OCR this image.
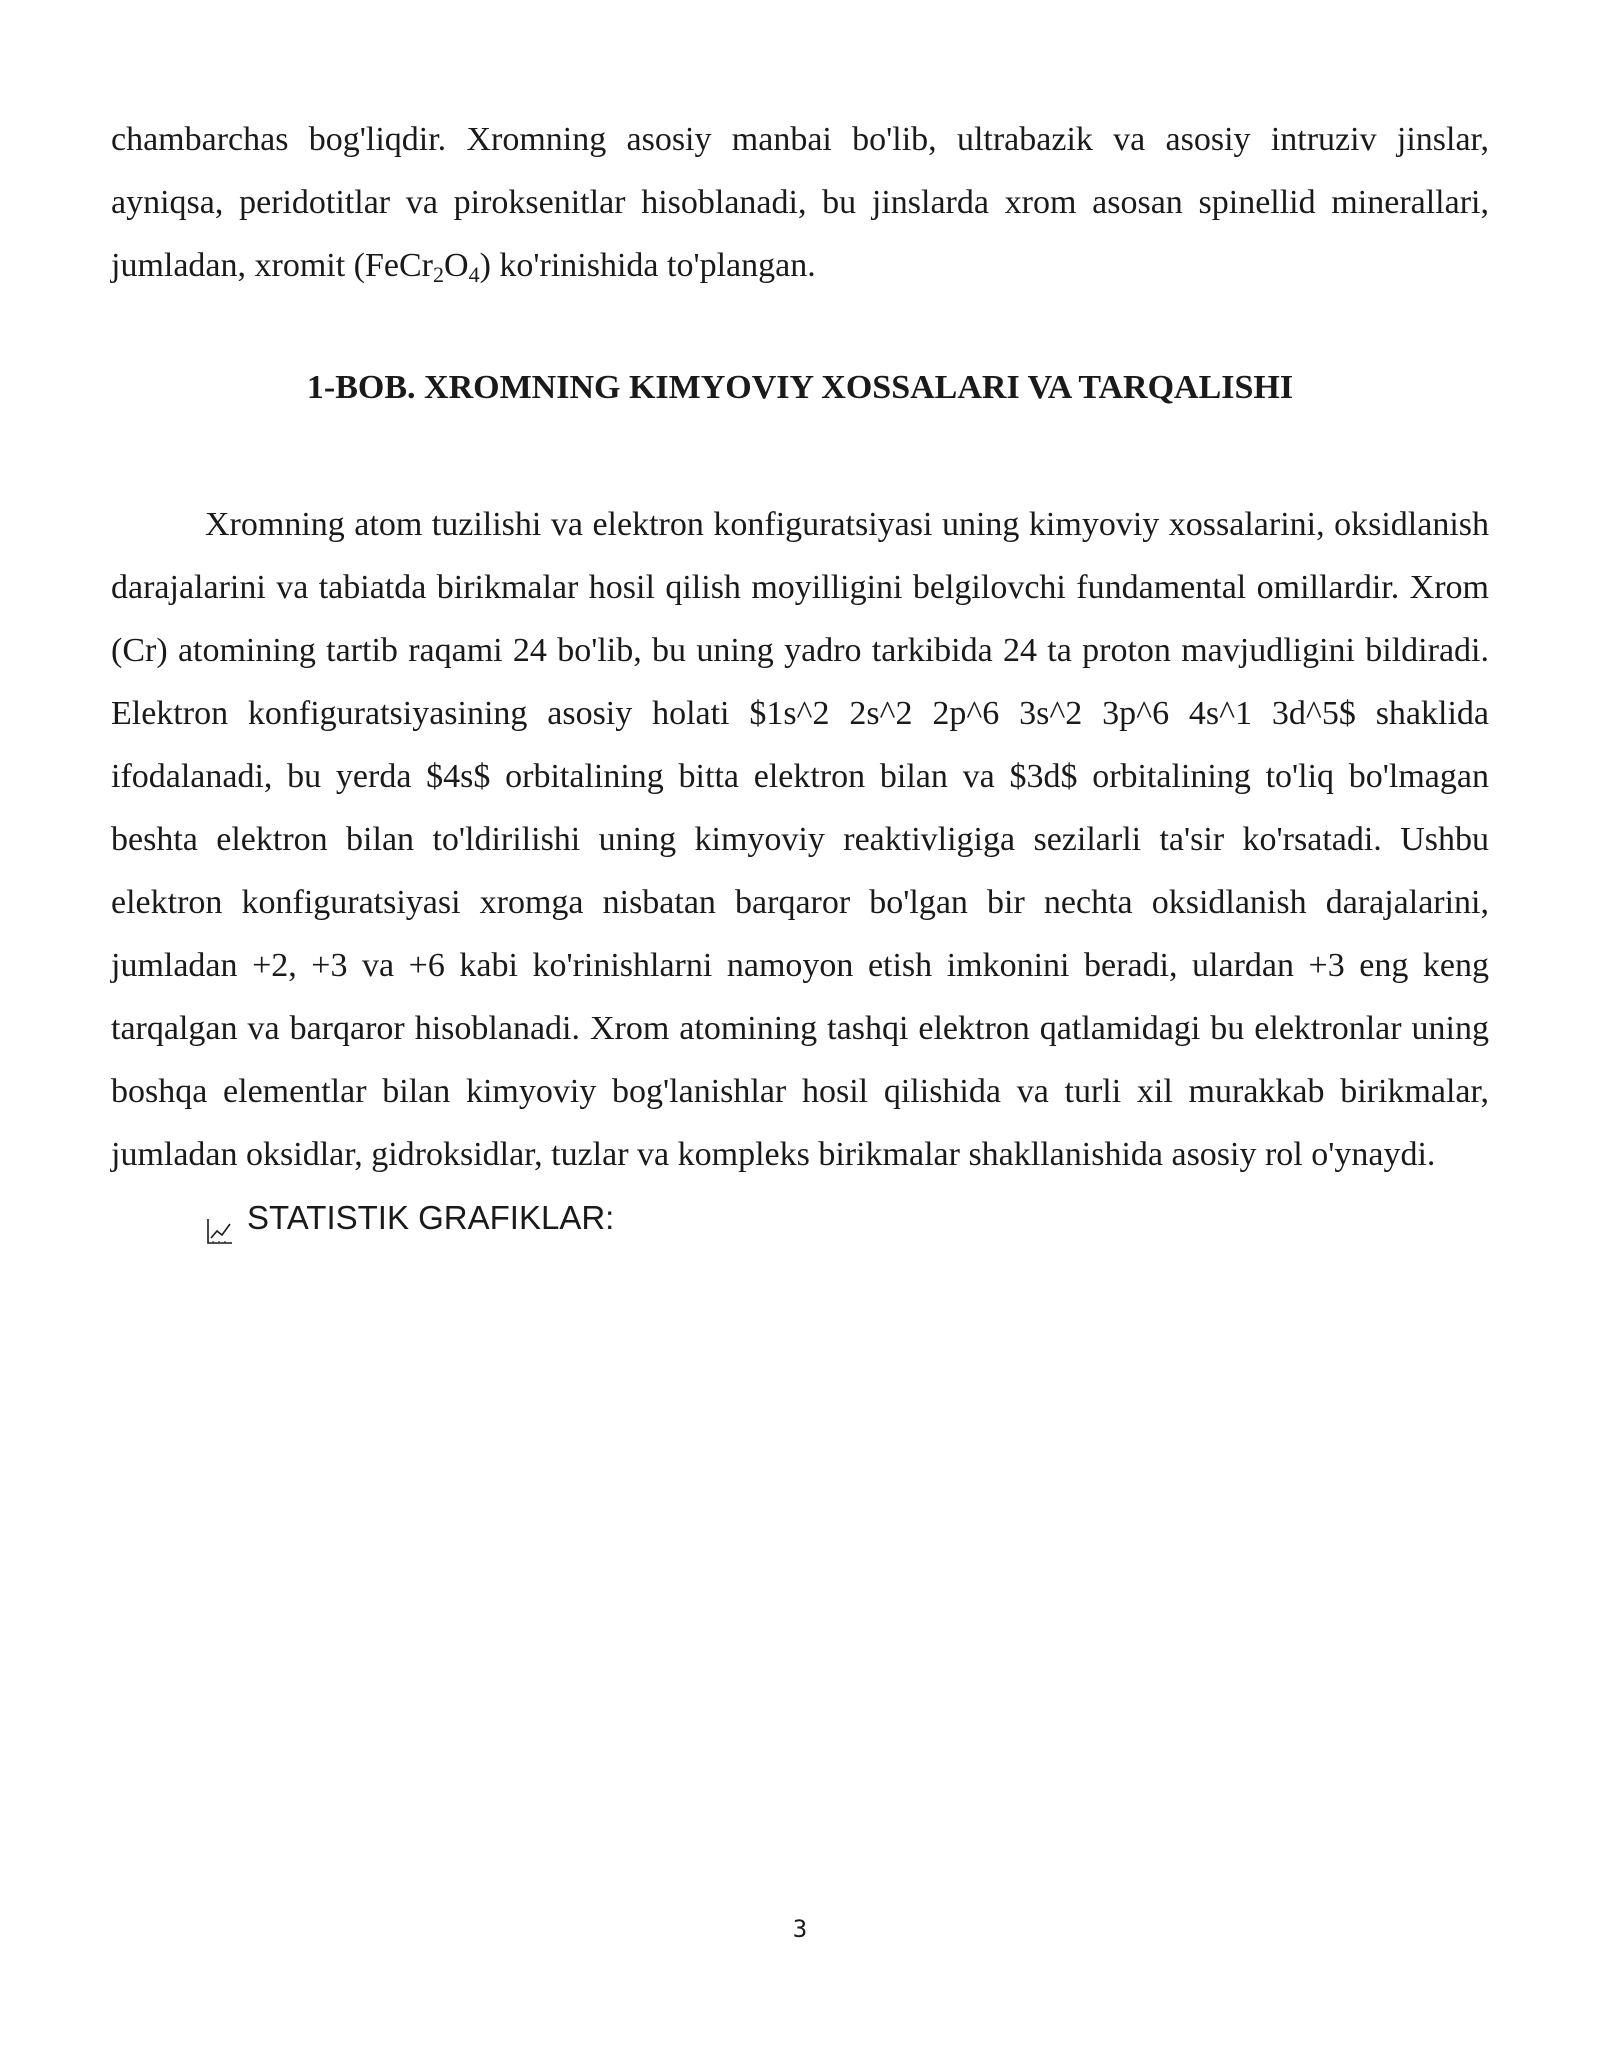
chambarchas bog'liqdir. Xromning asosiy manbai bo'lib, ultrabazik va asosiy intruziv jinslar, ayniqsa, peridotitlar va piroksenitlar hisoblanadi, bu jinslarda xrom asosan spinellid minerallari, jumladan, xromit $(FeCr_2O_4)$ ko'rinishida to'plangan.

1-BOB. XROMNING KIMYOVIY XOSSALARI VA TARQALISHI

Xromning atom tuzilishi va elektron konfiguratsiyasi uning kimyoviy xossalarini, oksidlanish darajalarini va tabiatda birikmalar hosil qilish moyilligini belgilovchi fundamental omillardir. Xrom (Cr) atomining tartib raqami 24 bo'lib, bu uning yadro tarkibida 24 ta proton mavjudligini bildiradi. Elektron konfiguratsiyasining asosiy holati $1s^2 2s^2 2p^6 3s^2 3p^6 4s^1 3d^5$ shaklida ifodalanadi, bu yerda $4s$ orbitalining bitta elektron bilan va $3d$ orbitalining to'liq bo'lmagan beshta elektron bilan to'ldirilishi uning kimyoviy reaktivligiga sezilarli ta'sir ko'rsatadi. Ushbu elektron konfiguratsiyasi xromga nisbatan barqaror bo'lgan bir nechta oksidlanish darajalarini, jumladan +2, +3 va +6 kabi ko'rinishlarni namoyon etish imkonini beradi, ulardan +3 eng keng tarqalgan va barqaror hisoblanadi. Xrom atomining tashqi elektron qatlamidagi bu elektronlar uning boshqa elementlar bilan kimyoviy bog'lanishlar hosil qilishida va turli xil murakkab birikmalar, jumladan oksidlar, gidroksidlar, tuzlar va kompleks birikmalar shakllanishida asosiy rol o'ynaydi.

STATISTIK GRAFIKLAR:

3
